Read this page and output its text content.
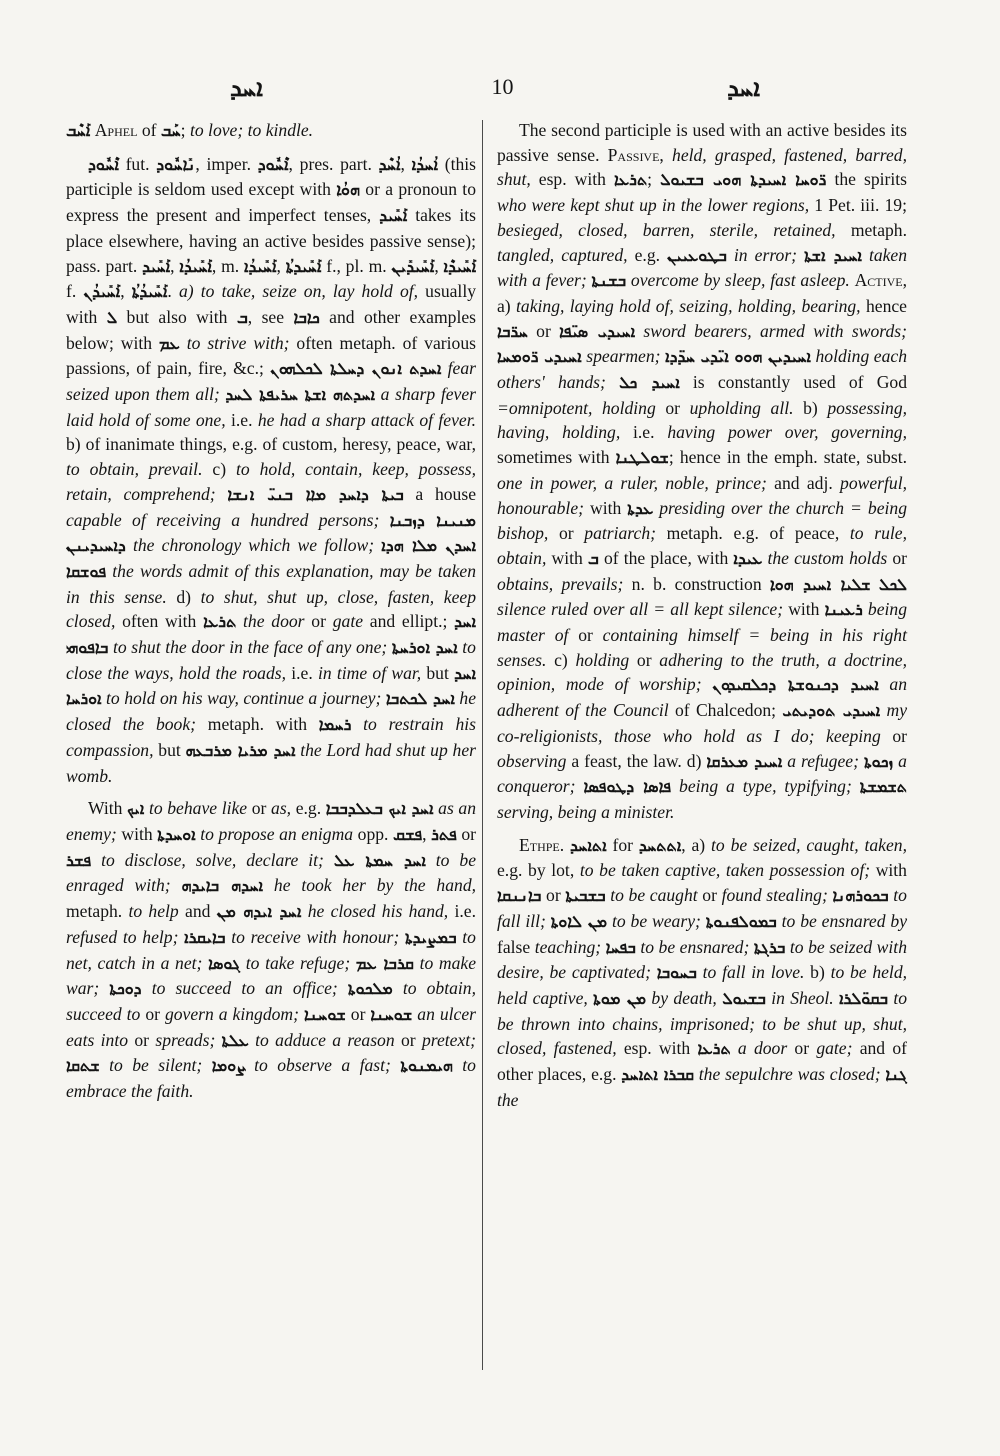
ܐܚܕ	10	ܐܚܕ

ܐܰܚܶܒ Aphel of ܚܰܒ; to love; to kindle.

ܐܶܚܽܘܕ fut. ܢܺܐܚܽܘܕ, imper. ܐܶܚܽܘܕ, pres. part. ܐܳܚܶܕ, ܐܳܚܕܳܐ (this participle is seldom used except with ܗܘܳܐ or a pronoun to express the present and imperfect tenses, ܐܰܚܺܝܕ takes its place elsewhere, having an active besides passive sense); pass. part. ܐܰܚܺܝܕ, ܐܰܚܺܝܕܳܐ, m. ܐܰܚܺܝܕܳܐ, ܐܰܚܺܝܕܬܳܐ f., pl. m. ܐܰܚܺܝܕܺܝܢ, ܐܰܚܺܝܕܶܐ f. ܐܰܚܺܝܕܳܢ, ܐܰܚܺܝܕܳܬܳܐ. a) to take, seize on, lay hold of, usually with ܠ but also with ܒ, see ܟܐܒܐ and other examples below; with ܥܡ to strive with; often metaph. of various passions, of pain, fire, &c.; ܐܚܕܬ ܐܢܘܢ ܕܚܠܬܐ ܠܟܠܗܘܢ fear seized upon them all; ܐܚܕܬܗ ܐܫܬܐ ܚܪܝܦܬܐ ܠܚܕ a sharp fever laid hold of some one, i.e. he had a sharp attack of fever. b) of inanimate things, e.g. of custom, heresy, peace, war, to obtain, prevail. c) to hold, contain, keep, possess, retain, comprehend; ܒܝܬܐ ܕܐܚܕ ܡܐܐ ܒܢܝ̈ ܐܢܫܐ a house capable of receiving a hundred persons; ܡܢܝܢܐ ܕܙܒܢܐ ܕܐܚܝܕܝܢܢ the chronology which we follow; ܐܚܕܢ ܡܠܐ ܗܕܐ ܦܘܫܩܐ the words admit of this explanation, may be taken in this sense. d) to shut, shut up, close, fasten, keep closed, often with ܬܪܥܐ the door or gate and ellipt.; ܐܚܕ ܒܐܦܘܗܝ to shut the door in the face of any one; ܐܚܕ ܐܘܪܚܬܐ to close the ways, hold the roads, i.e. in time of war, but ܐܚܕ ܐܘܪܚܐ to hold on his way, continue a journey; ܐܚܕ ܠܟܬܒܐ he closed the book; metaph. with ܪܚܡܐ to restrain his compassion, but ܐܚܕ ܡܪܝܐ ܡܪܒܥܗ the Lord had shut up her womb.

With ܐܝܟ to behave like or as, e.g. ܐܚܕ ܐܝܟ ܒܥܠܕܒܒܐ as an enemy; with ܐܘܚܕܬܐ to propose an enigma opp. ܦܫܩ, ܦܬܪ or ܦܫܪ to disclose, solve, declare it; ܐܚܕ ܚܡܬܐ ܥܠ to be enraged with; ܐܚܕܗ ܒܐܝܕܗ he took her by the hand, metaph. to help and ܐܚܕ ܐܝܕܗ ܡܢ he closed his hand, i.e. refused to help; ܒܐܝܩܪܐ to receive with honour; ܒܡܨܝܕܬܐ to net, catch in a net; ܓܘܣܐ to take refuge; ܩܪܒܐ ܥܡ to make war; ܕܘܟܬܐ to succeed to an office; ܡܠܟܘܬܐ to obtain, succeed to or govern a kingdom; ܫܘܚܢܐ or ܫܘܚܢܐ an ulcer eats into or spreads; ܥܠܬܐ to adduce a reason or pretext; ܫܬܩܐ to be silent; ܨܘܡܐ to observe a fast; ܗܝܡܢܘܬܐ to embrace the faith.

The second participle is used with an active besides its passive sense. Passive, held, grasped, fastened, barred, shut, esp. with ܬܪܥܐ; ܪ̈ܘܚܐ ܐܚܝܕܬܐ ܗܘܝ ܒܫܝܘܠ the spirits who were kept shut up in the lower regions, 1 Pet. iii. 19; besieged, closed, barren, sterile, retained, metaph. tangled, captured, e.g. ܒܛܘܥܝܝܢ in error; ܐܚܝܕ ܐܫܬܐ taken with a fever; ܒܫܢܬܐ overcome by sleep, fast asleep. Active, a) taking, laying hold of, seizing, holding, bearing, hence ܚܪ̈ܒܐ or ܐܚܝܕܝ ܣܝ̈ܦܐ sword bearers, armed with swords; ܐܚܝܕܝ ܪ̈ܘܡܚܐ spearmen; ܐܚܝܕܝܢ ܗܘܘ ܐܝ̈ܕܝ ܚܕ̈ܕܐ holding each others' hands; ܐܚܝܕ ܟܠ is constantly used of God =omnipotent, holding or upholding all. b) possessing, having, holding, i.e. having power over, governing, sometimes with ܫܘܠܛܢܐ; hence in the emph. state, subst. one in power, a ruler, noble, prince; and adj. powerful, honourable; with ܥܕܬܐ presiding over the church = being bishop, or patriarch; metaph. e.g. of peace, to rule, obtain, with ܒ of the place, with ܥܝܕܐ the custom holds or obtains, prevails; n. b. construction ܫܠܝܐ ܐܚܝܕ ܗܘܐ ܠܟܠ silence ruled over all = all kept silence; with ܪܥܝܢܐ being master of or containing himself = being in his right senses. c) holding or adhering to the truth, a doctrine, opinion, mode of worship; ܐܚܝܕ ܕܟܢܘܫܬܐ ܕܟܠܩܝܕܘܢ an adherent of the Council of Chalcedon; ܐܚܝܕܝ ܬܘܕܝܬܝ my co-religionists, those who hold as I do; keeping or observing a feast, the law. d) ܐܚܝܕ ܡܥܪܩܐ a refugee; ܙܟܘܬܐ a conqueror; ܦܐܣܐ ܕܛܘܦܣܐ being a type, typifying; ܬܫܡܫܬܐ serving, being a minister.

Ethpe. ܐܬܐܚܕ for ܐܬܬܚܕ, a) to be seized, caught, taken, e.g. by lot, to be taken captive, taken possession of; with ܒܐܢܢܩܐ or ܒܫܒܝܬܐ to be caught or found stealing; ܒܟܘܪܗܢܐ to fall ill; ܡܢ ܠܐܘܬܐ to be weary; ܒܡܘܠܦܢܘܬܐ to be ensnared by false teaching; ܒܦܚܐ to be ensnared; ܒܪܓܬܐ to be seized with desire, be captivated; ܒܚܘܒܐ to fall in love. b) to be held, held captive, ܡܢ ܡܘܬܐ by death, ܒܫܝܘܠ in Sheol. ܒܩܘ̈ܠܪܐ to be thrown into chains, imprisoned; to be shut up, shut, closed, fastened, esp. with ܬܪܥܐ a door or gate; and of other places, e.g. ܩܒܪܐ ܐܬܐܚܕ the sepulchre was closed; ܓܢܐ the
